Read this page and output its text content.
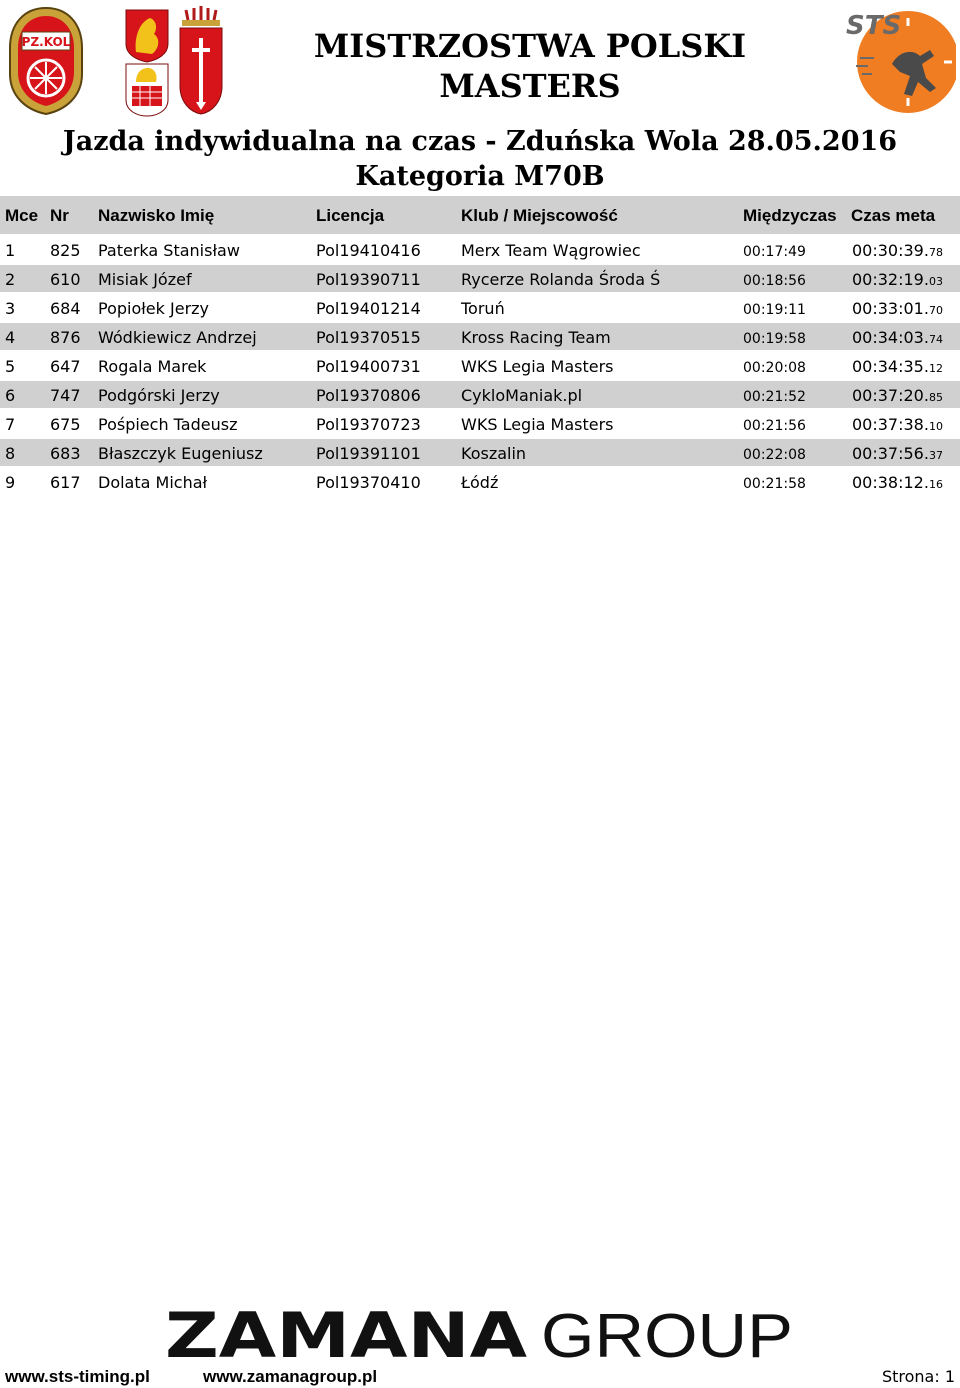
PZ.KOL	MISTRZOSTWA POLSKI
MASTERS
STS
TIMING
Jazda indywidualna na czas - Zduńska Wola 28.05.2016
Kategoria M70B
Mce Nr Nazwisko Imię	Licencja	Klub / Miejscowość	Międzyczas Czas meta
1 825 Paterka Stanisław	Pol19410416	Merx Team Wągrowiec	00:17:49	00:30:39.78
2 610 Misiak Józef	Pol19390711	Rycerze Rolanda Środa Ś	00:18:56	00:32:19.03
3 684 Popiołek Jerzy	Pol19401214	Toruń	00:19:11	00:33:01.70
4 876 Wódkiewicz Andrzej	Pol19370515	Kross Racing Team	00:19:58	00:34:03.74
5 647 Rogala Marek	Pol19400731	WKS Legia Masters	00:20:08	00:34:35.12
6 747 Podgórski Jerzy	Pol19370806	CykloManiak.pl	00:21:52	00:37:20.85
7 675 Pośpiech Tadeusz	Pol19370723	WKS Legia Masters	00:21:56	00:37:38.10
8 683 Błaszczyk Eugeniusz	Pol19391101	Koszalin	00:22:08	00:37:56.37
9 617 Dolata Michał	Pol19370410	Łódź	00:21:58	00:38:12.16
ZAMANA GROUP
www.sts-timing.pl	www.zamanagroup.pl	Strona: 1
